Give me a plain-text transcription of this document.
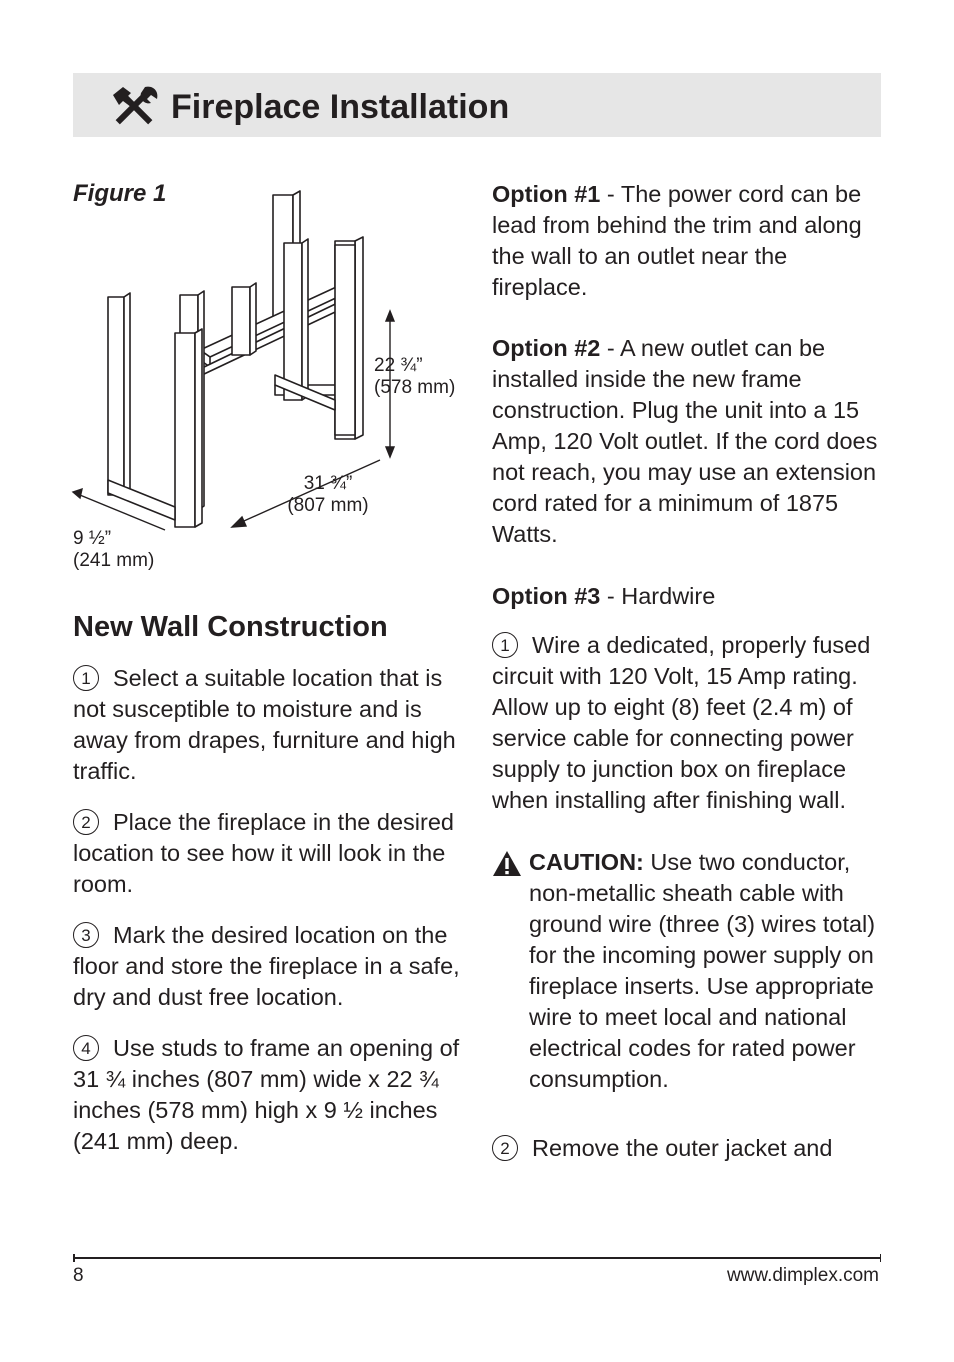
Fireplace Installation
Figure 1
22 ¾”
(578 mm)
31 ¾”
(807 mm)
9 ½”
(241 mm)
New Wall Construction

1 Select a suitable location that is not susceptible to moisture and is away from drapes, furniture and high traffic.

2 Place the fireplace in the desired location to see how it will look in the room.

3 Mark the desired location on the floor and store the fireplace in a safe, dry and dust free location.

4 Use studs to frame an opening of 31 ¾ inches (807 mm) wide x 22 ¾ inches (578 mm) high x 9 ½ inches (241 mm) deep.

Option #1 - The power cord can be lead from behind the trim and along the wall to an outlet near the fireplace.

Option #2 - A new outlet can be installed inside the new frame construction. Plug the unit into a 15 Amp, 120 Volt outlet. If the cord does not reach, you may use an extension cord rated for a minimum of 1875 Watts.

Option #3 - Hardwire

1 Wire a dedicated, properly fused circuit with 120 Volt, 15 Amp rating. Allow up to eight (8) feet (2.4 m) of service cable for connecting power supply to junction box on fireplace when installing after finishing wall.

CAUTION: Use two conductor, non-metallic sheath cable with ground wire (three (3) wires total) for the incoming power supply on fireplace inserts. Use appropriate wire to meet local and national electrical codes for rated power consumption.

2 Remove the outer jacket and

8	www.dimplex.com
